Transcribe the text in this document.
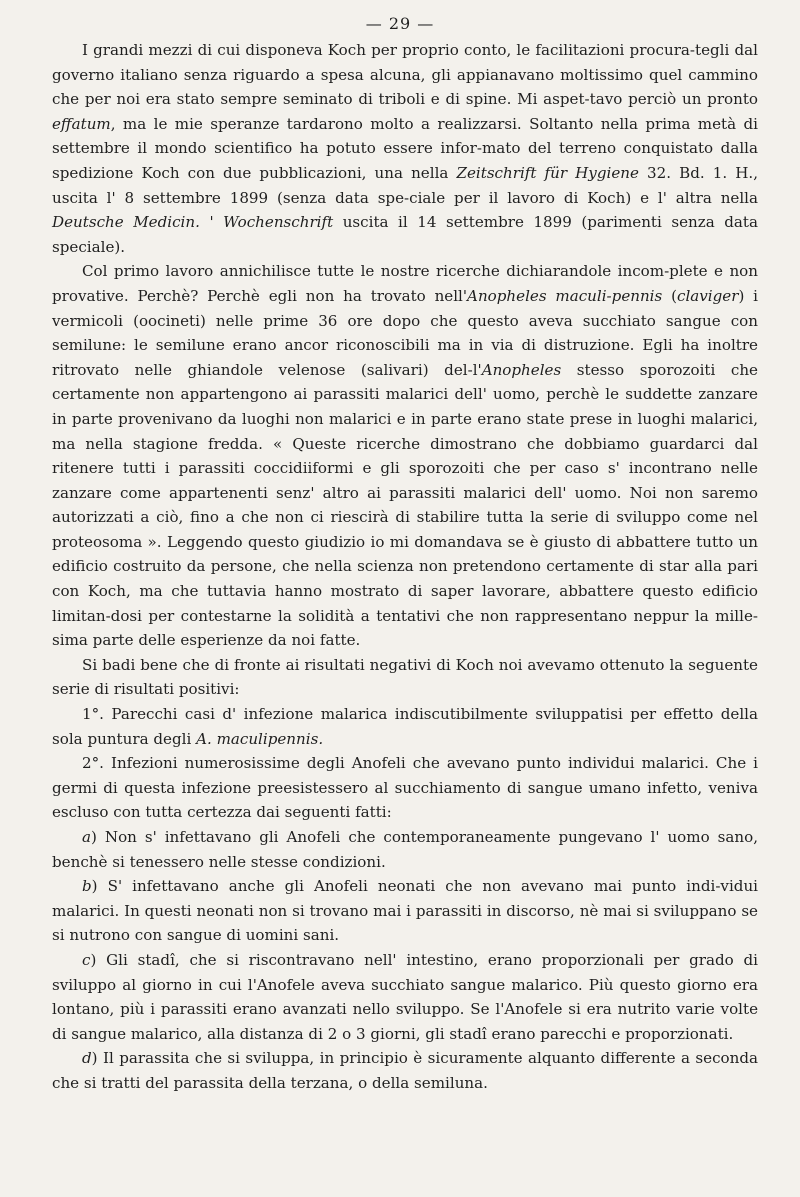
— 29 —

I grandi mezzi di cui disponeva Koch per proprio conto, le facilitazioni procura-tegli dal governo italiano senza riguardo a spesa alcuna, gli appianavano moltissimo quel cammino che per noi era stato sempre seminato di triboli e di spine. Mi aspet-tavo perciò un pronto effatum, ma le mie speranze tardarono molto a realizzarsi. Soltanto nella prima metà di settembre il mondo scientifico ha potuto essere infor-mato del terreno conquistato dalla spedizione Koch con due pubblicazioni, una nella Zeitschrift für Hygiene 32. Bd. 1. H., uscita l' 8 settembre 1899 (senza data spe-ciale per il lavoro di Koch) e l' altra nella Deutsche Medicin. ' Wochenschrift uscita il 14 settembre 1899 (parimenti senza data speciale).

Col primo lavoro annichilisce tutte le nostre ricerche dichiarandole incom-plete e non provative. Perchè? Perchè egli non ha trovato nell'Anopheles maculi-pennis (claviger) i vermicoli (oocineti) nelle prime 36 ore dopo che questo aveva succhiato sangue con semilune: le semilune erano ancor riconoscibili ma in via di distruzione. Egli ha inoltre ritrovato nelle ghiandole velenose (salivari) del-l'Anopheles stesso sporozoiti che certamente non appartengono ai parassiti malarici dell' uomo, perchè le suddette zanzare in parte provenivano da luoghi non malarici e in parte erano state prese in luoghi malarici, ma nella stagione fredda. « Queste ricerche dimostrano che dobbiamo guardarci dal ritenere tutti i parassiti coccidiiformi e gli sporozoiti che per caso s' incontrano nelle zanzare come appartenenti senz' altro ai parassiti malarici dell' uomo. Noi non saremo autorizzati a ciò, fino a che non ci riescirà di stabilire tutta la serie di sviluppo come nel proteosoma ». Leggendo questo giudizio io mi domandava se è giusto di abbattere tutto un edificio costruito da persone, che nella scienza non pretendono certamente di star alla pari con Koch, ma che tuttavia hanno mostrato di saper lavorare, abbattere questo edificio limitan-dosi per contestarne la solidità a tentativi che non rappresentano neppur la mille-sima parte delle esperienze da noi fatte.

Si badi bene che di fronte ai risultati negativi di Koch noi avevamo ottenuto la seguente serie di risultati positivi:

1°. Parecchi casi d' infezione malarica indiscutibilmente sviluppatisi per effetto della sola puntura degli A. maculipennis.

2°. Infezioni numerosissime degli Anofeli che avevano punto individui malarici. Che i germi di questa infezione preesistessero al succhiamento di sangue umano infetto, veniva escluso con tutta certezza dai seguenti fatti:

a) Non s' infettavano gli Anofeli che contemporaneamente pungevano l' uomo sano, benchè si tenessero nelle stesse condizioni.

b) S' infettavano anche gli Anofeli neonati che non avevano mai punto indi-vidui malarici. In questi neonati non si trovano mai i parassiti in discorso, nè mai si sviluppano se si nutrono con sangue di uomini sani.

c) Gli stadî, che si riscontravano nell' intestino, erano proporzionali per grado di sviluppo al giorno in cui l'Anofele aveva succhiato sangue malarico. Più questo giorno era lontano, più i parassiti erano avanzati nello sviluppo. Se l'Anofele si era nutrito varie volte di sangue malarico, alla distanza di 2 o 3 giorni, gli stadî erano parecchi e proporzionati.

d) Il parassita che si sviluppa, in principio è sicuramente alquanto differente a seconda che si tratti del parassita della terzana, o della semiluna.
